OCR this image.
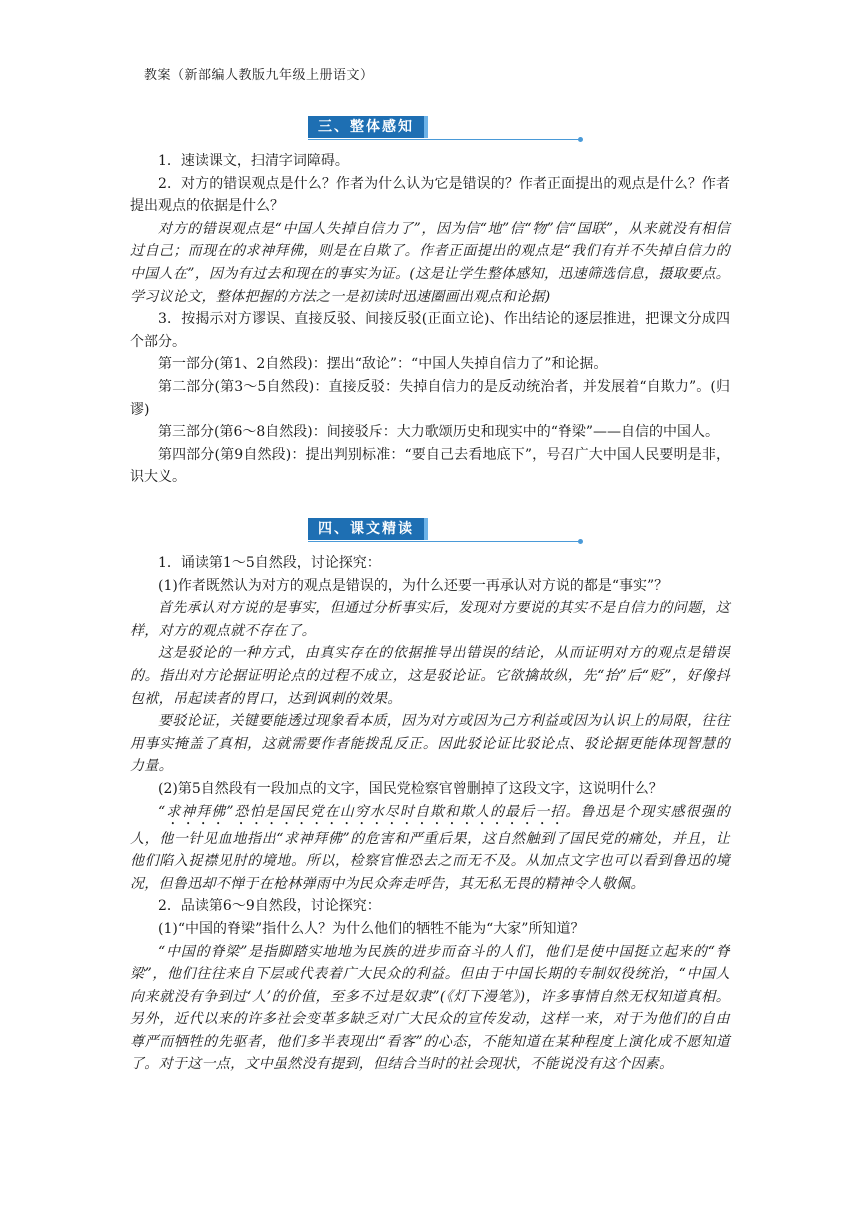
教案（新部编人教版九年级上册语文）
三、整体感知

1．速读课文，扫清字词障碍。

2．对方的错误观点是什么？作者为什么认为它是错误的？作者正面提出的观点是什么？作者提出观点的依据是什么？

对方的错误观点是“中国人失掉自信力了”，因为信“地”信“物”信“国联”，从来就没有相信过自己；而现在的求神拜佛，则是在自欺了。作者正面提出的观点是“我们有并不失掉自信力的中国人在”，因为有过去和现在的事实为证。(这是让学生整体感知，迅速筛选信息，摄取要点。学习议论文，整体把握的方法之一是初读时迅速圈画出观点和论据)

3．按揭示对方谬误、直接反驳、间接反驳(正面立论)、作出结论的逐层推进，把课文分成四个部分。

第一部分(第1、2自然段)：摆出“敌论”：“中国人失掉自信力了”和论据。

第二部分(第3～5自然段)：直接反驳：失掉自信力的是反动统治者，并发展着“自欺力”。(归谬)

第三部分(第6～8自然段)：间接驳斥：大力歌颂历史和现实中的“脊梁”——自信的中国人。

第四部分(第9自然段)：提出判别标准：“要自己去看地底下”，号召广大中国人民要明是非，识大义。

四、课文精读

1．诵读第1～5自然段，讨论探究：

(1)作者既然认为对方的观点是错误的，为什么还要一再承认对方说的都是“事实”？

首先承认对方说的是事实，但通过分析事实后，发现对方要说的其实不是自信力的问题，这样，对方的观点就不存在了。

这是驳论的一种方式，由真实存在的依据推导出错误的结论，从而证明对方的观点是错误的。指出对方论据证明论点的过程不成立，这是驳论证。它欲擒故纵，先“抬”后“贬”，好像抖包袱，吊起读者的胃口，达到讽刺的效果。

要驳论证，关键要能透过现象看本质，因为对方或因为己方利益或因为认识上的局限，往往用事实掩盖了真相，这就需要作者能拨乱反正。因此驳论证比驳论点、驳论据更能体现智慧的力量。

(2)第5自然段有一段加点的文字，国民党检察官曾删掉了这段文字，这说明什么？

“求神拜佛”恐怕是国民党在山穷水尽时自欺和欺人的最后一招。鲁迅是个现实感很强的人，他一针见血地指出“求神拜佛”的危害和严重后果，这自然触到了国民党的痛处，并且，让他们陷入捉襟见肘的境地。所以，检察官惟恐去之而无不及。从加点文字也可以看到鲁迅的境况，但鲁迅却不惮于在枪林弹雨中为民众奔走呼告，其无私无畏的精神令人敬佩。

2．品读第6～9自然段，讨论探究：

(1)“中国的脊梁”指什么人？为什么他们的牺牲不能为“大家”所知道？

“中国的脊梁”是指脚踏实地地为民族的进步而奋斗的人们，他们是使中国挺立起来的“脊梁”，他们往往来自下层或代表着广大民众的利益。但由于中国长期的专制奴役统治，“中国人向来就没有争到过‘人’的价值，至多不过是奴隶”(《灯下漫笔》)，许多事情自然无权知道真相。另外，近代以来的许多社会变革多缺乏对广大民众的宣传发动，这样一来，对于为他们的自由尊严而牺牲的先驱者，他们多半表现出“看客”的心态，不能知道在某种程度上演化成不愿知道了。对于这一点，文中虽然没有提到，但结合当时的社会现状，不能说没有这个因素。
